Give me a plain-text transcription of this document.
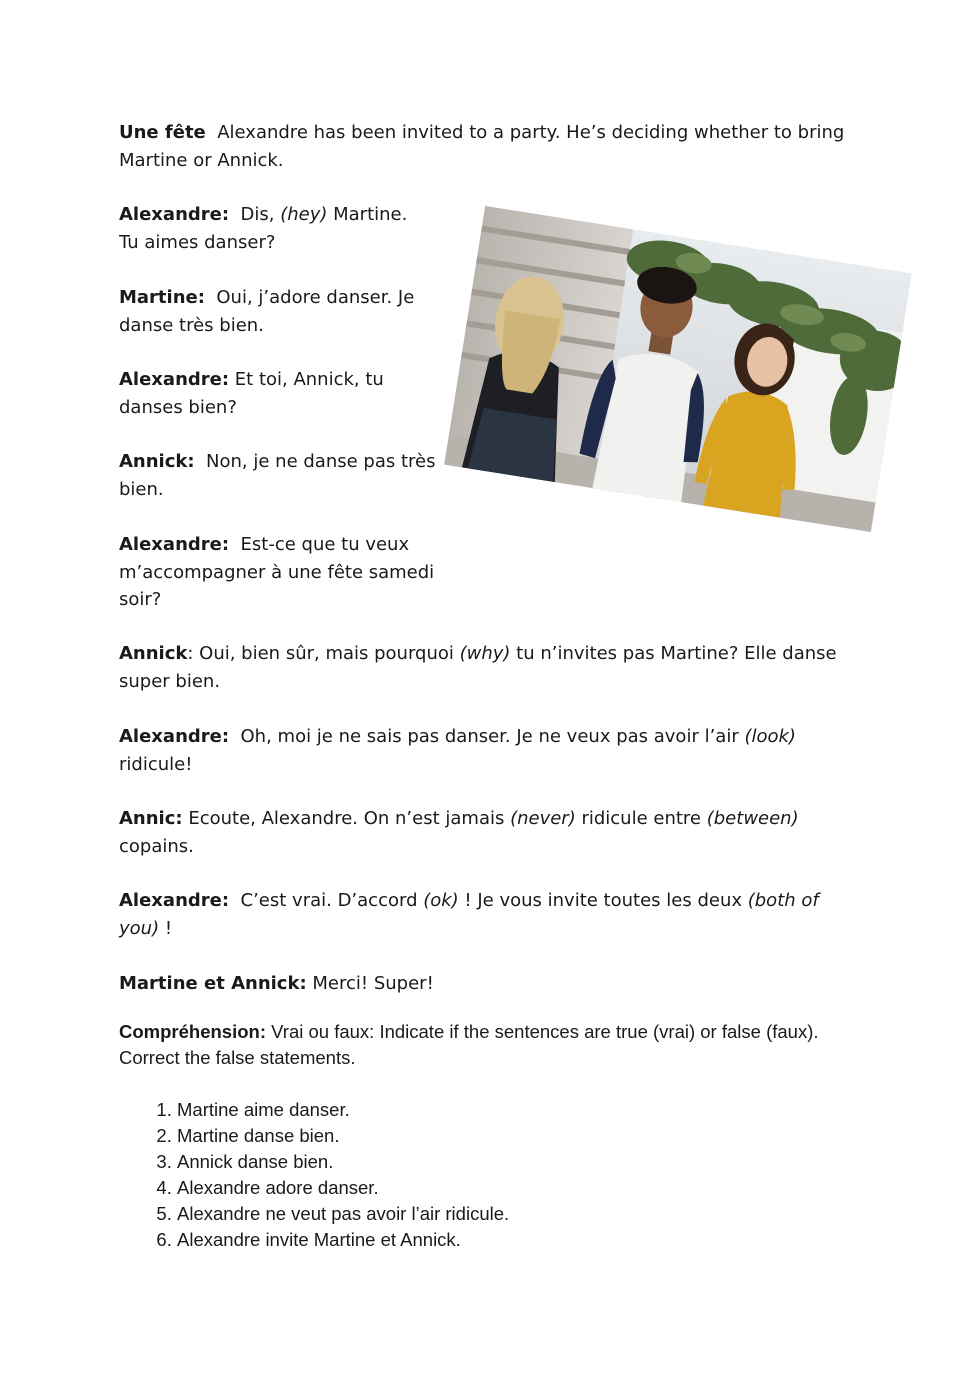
Une fête Alexandre has been invited to a party. He’s deciding whether to bring Martine or Annick.

Alexandre: Dis, (hey) Martine.
Tu aimes danser?

Martine: Oui, j’adore danser. Je danse très bien.

Alexandre: Et toi, Annick, tu danses bien?

Annick: Non, je ne danse pas très bien.

Alexandre: Est-ce que tu veux m’accompagner à une fête samedi soir?

Annick: Oui, bien sûr, mais pourquoi (why) tu n’invites pas Martine? Elle danse super bien.

Alexandre: Oh, moi je ne sais pas danser. Je ne veux pas avoir l’air (look) ridicule!

Annic: Ecoute, Alexandre. On n’est jamais (never) ridicule entre (between) copains.

Alexandre: C’est vrai. D’accord (ok) ! Je vous invite toutes les deux (both of you) !

Martine et Annick: Merci! Super!

Compréhension: Vrai ou faux: Indicate if the sentences are true (vrai) or false (faux). Correct the false statements.

1. Martine aime danser.
2. Martine danse bien.
3. Annick danse bien.
4. Alexandre adore danser.
5. Alexandre ne veut pas avoir l’air ridicule.
6. Alexandre invite Martine et Annick.
